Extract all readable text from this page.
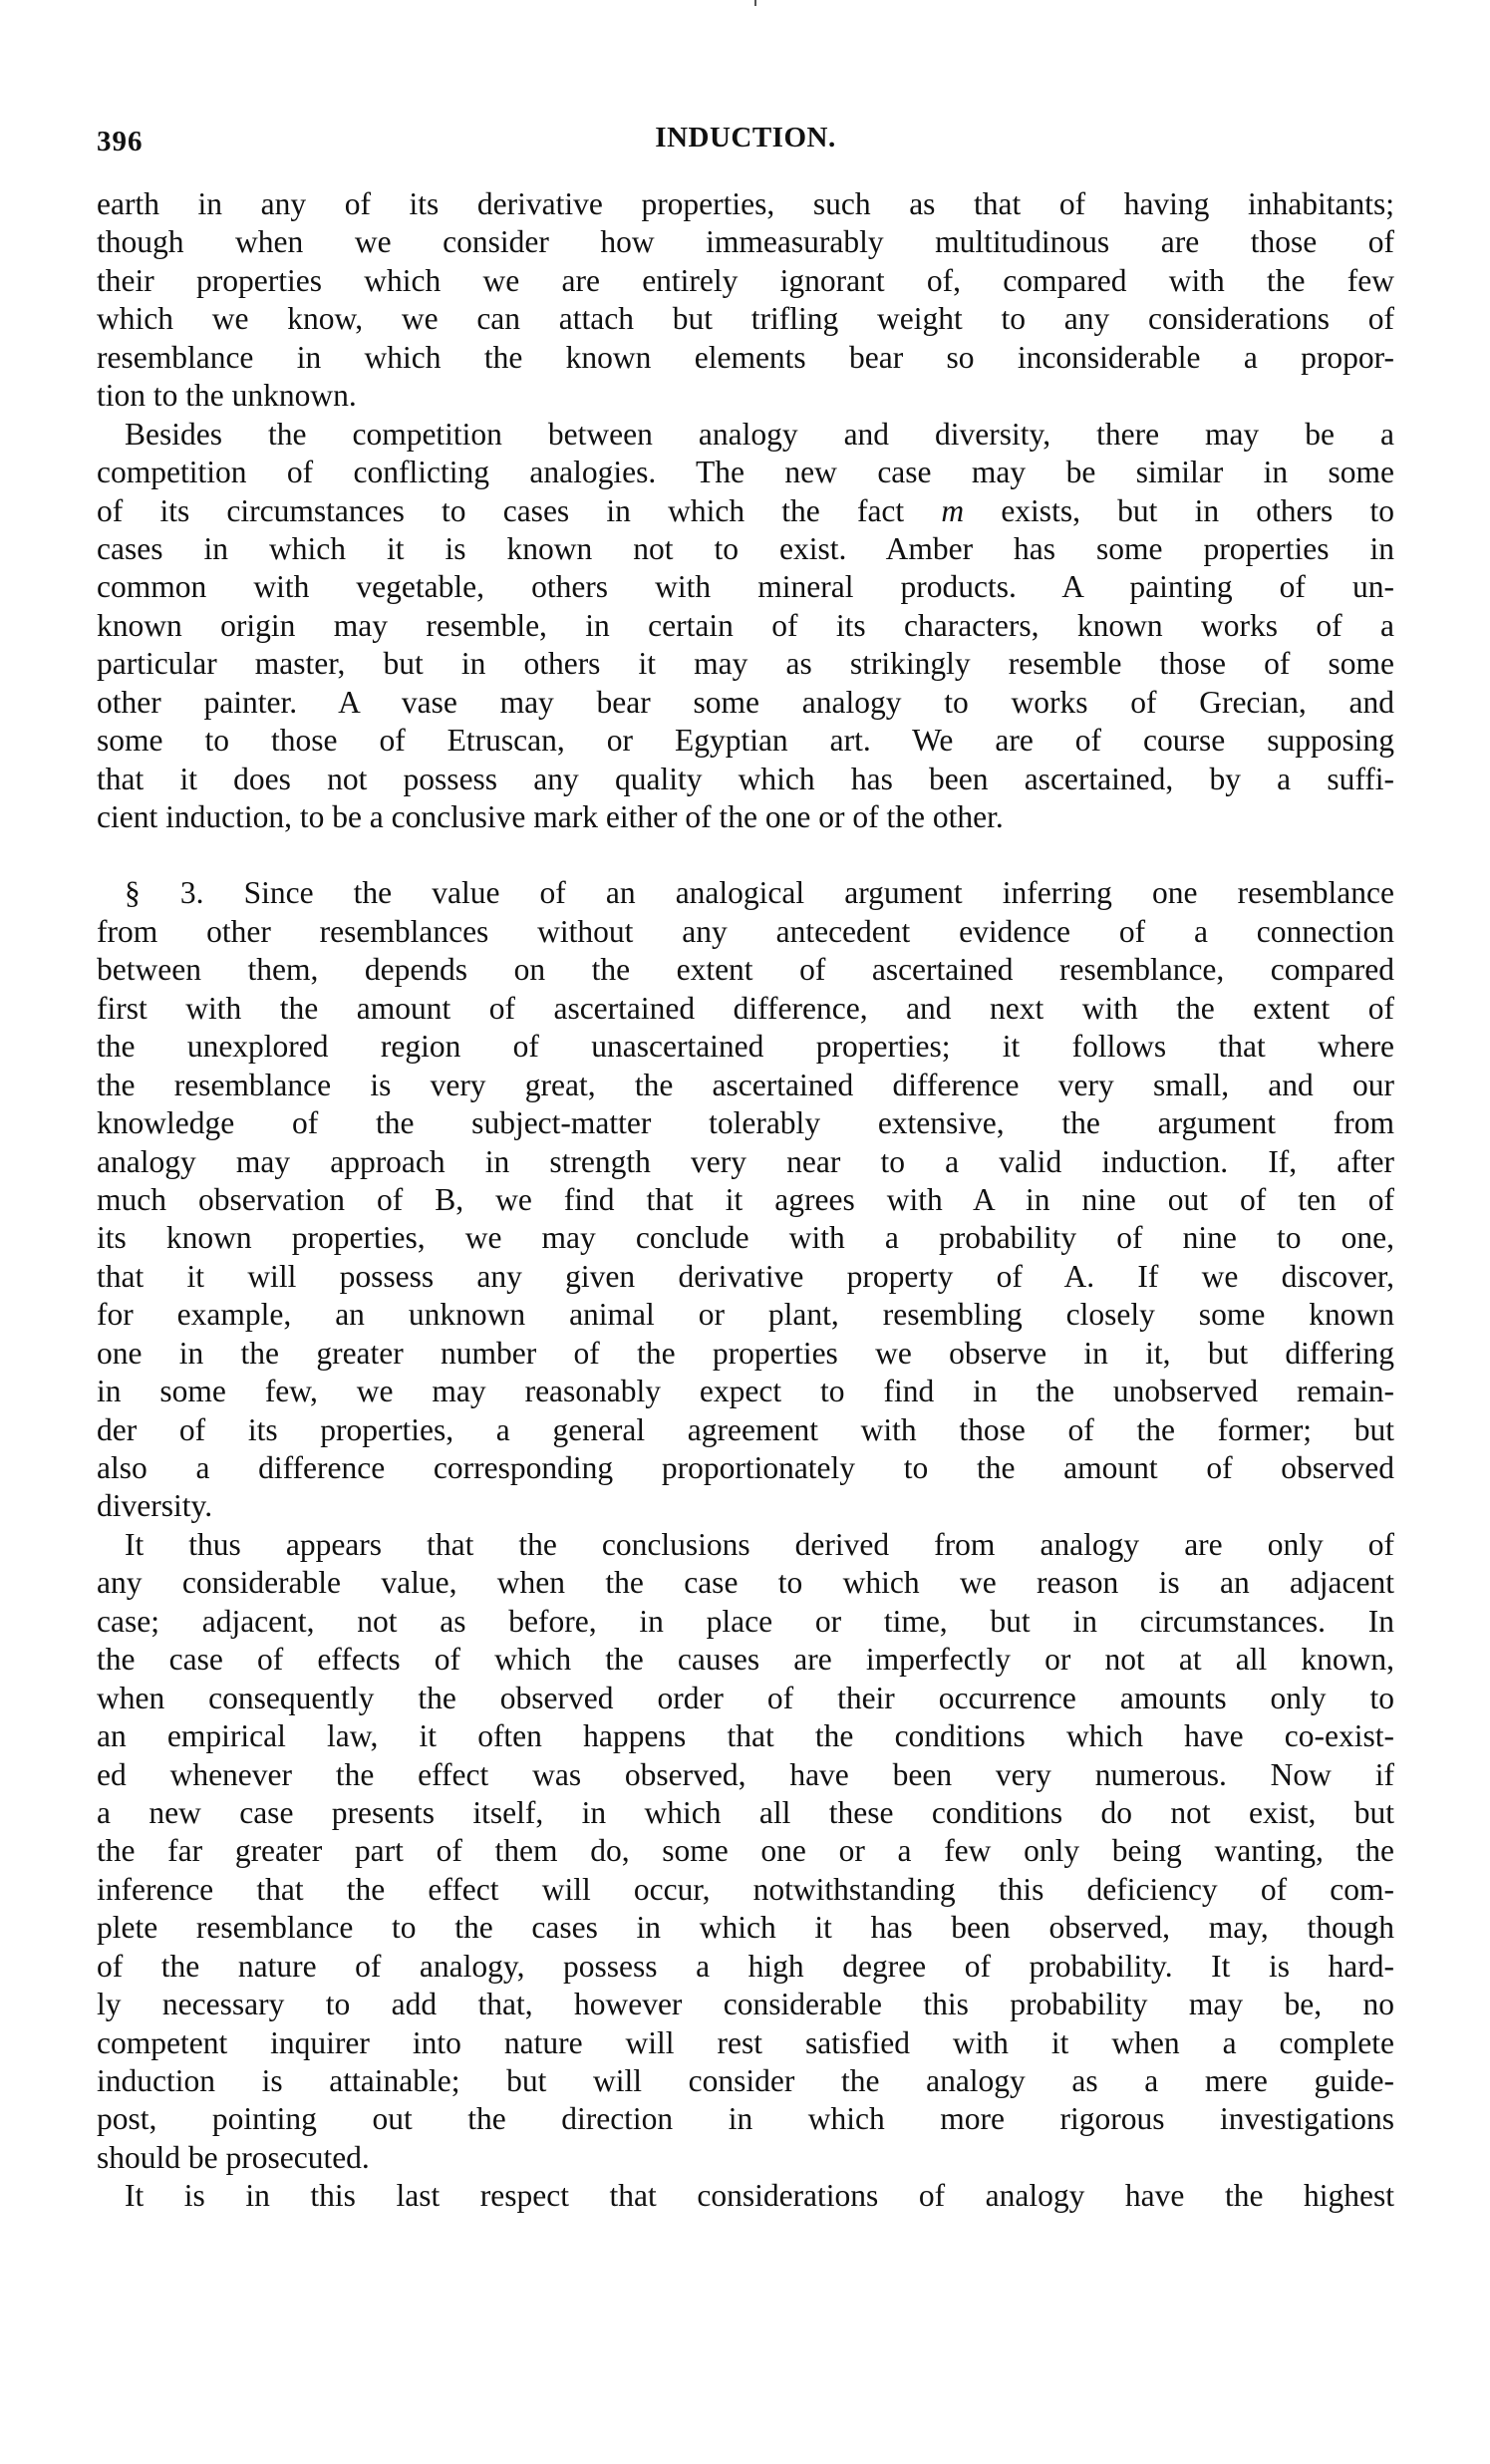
396	INDUCTION.
earth in any of its derivative properties, such as that of having inhabitants;
though when we consider how immeasurably multitudinous are those of
their properties which we are entirely ignorant of, compared with the few
which we know, we can attach but trifling weight to any considerations of
resemblance in which the known elements bear so inconsiderable a propor-
tion to the unknown.
Besides the competition between analogy and diversity, there may be a
competition of conflicting analogies. The new case may be similar in some
of its circumstances to cases in which the fact m exists, but in others to
cases in which it is known not to exist. Amber has some properties in
common with vegetable, others with mineral products. A painting of un-
known origin may resemble, in certain of its characters, known works of a
particular master, but in others it may as strikingly resemble those of some
other painter. A vase may bear some analogy to works of Grecian, and
some to those of Etruscan, or Egyptian art. We are of course supposing
that it does not possess any quality which has been ascertained, by a suffi-
cient induction, to be a conclusive mark either of the one or of the other.
§ 3. Since the value of an analogical argument inferring one resemblance
from other resemblances without any antecedent evidence of a connection
between them, depends on the extent of ascertained resemblance, compared
first with the amount of ascertained difference, and next with the extent of
the unexplored region of unascertained properties; it follows that where
the resemblance is very great, the ascertained difference very small, and our
knowledge of the subject-matter tolerably extensive, the argument from
analogy may approach in strength very near to a valid induction. If, after
much observation of B, we find that it agrees with A in nine out of ten of
its known properties, we may conclude with a probability of nine to one,
that it will possess any given derivative property of A. If we discover,
for example, an unknown animal or plant, resembling closely some known
one in the greater number of the properties we observe in it, but differing
in some few, we may reasonably expect to find in the unobserved remain-
der of its properties, a general agreement with those of the former; but
also a difference corresponding proportionately to the amount of observed
diversity.
It thus appears that the conclusions derived from analogy are only of
any considerable value, when the case to which we reason is an adjacent
case; adjacent, not as before, in place or time, but in circumstances. In
the case of effects of which the causes are imperfectly or not at all known,
when consequently the observed order of their occurrence amounts only to
an empirical law, it often happens that the conditions which have co-exist-
ed whenever the effect was observed, have been very numerous. Now if
a new case presents itself, in which all these conditions do not exist, but
the far greater part of them do, some one or a few only being wanting, the
inference that the effect will occur, notwithstanding this deficiency of com-
plete resemblance to the cases in which it has been observed, may, though
of the nature of analogy, possess a high degree of probability. It is hard-
ly necessary to add that, however considerable this probability may be, no
competent inquirer into nature will rest satisfied with it when a complete
induction is attainable; but will consider the analogy as a mere guide-
post, pointing out the direction in which more rigorous investigations
should be prosecuted.
It is in this last respect that considerations of analogy have the highest
